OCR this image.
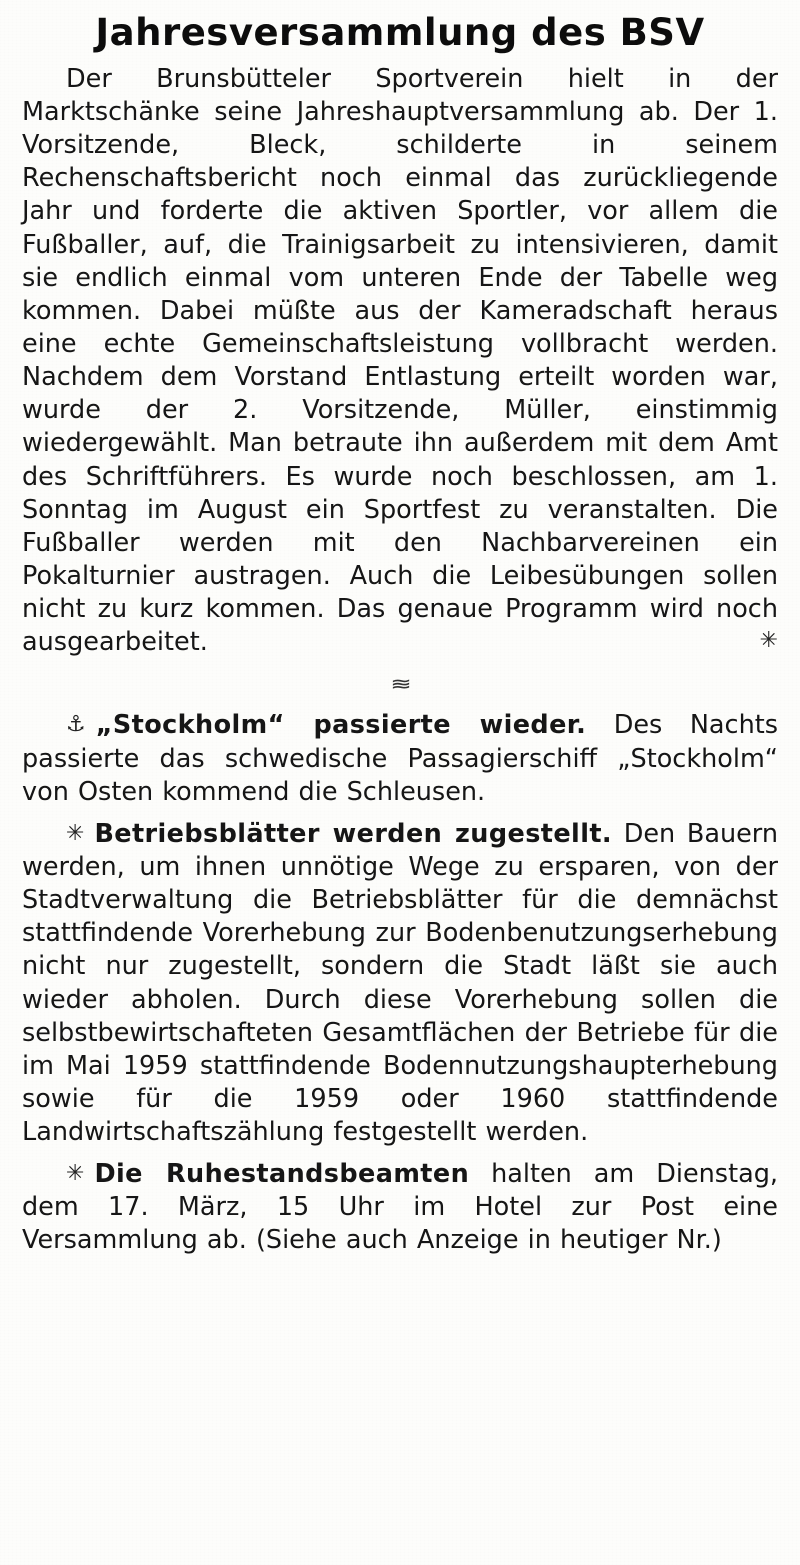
Jahresversammlung des BSV

Der Brunsbütteler Sportverein hielt in der Marktschänke seine Jahreshauptversammlung ab. Der 1. Vorsitzende, Bleck, schilderte in seinem Rechenschaftsbericht noch einmal das zurückliegende Jahr und forderte die aktiven Sportler, vor allem die Fußballer, auf, die Trainigsarbeit zu intensivieren, damit sie endlich einmal vom unteren Ende der Tabelle weg kommen. Dabei müßte aus der Kameradschaft heraus eine echte Gemeinschaftsleistung vollbracht werden. Nachdem dem Vorstand Entlastung erteilt worden war, wurde der 2. Vorsitzende, Müller, einstimmig wiedergewählt. Man betraute ihn außerdem mit dem Amt des Schriftführers. Es wurde noch beschlossen, am 1. Sonntag im August ein Sportfest zu veranstalten. Die Fußballer werden mit den Nachbarvereinen ein Pokalturnier austragen. Auch die Leibesübungen sollen nicht zu kurz kommen. Das genaue Programm wird noch ausgearbeitet.	✳

≋

⚓ „Stockholm“ passierte wieder. Des Nachts passierte das schwedische Passagierschiff „Stockholm“ von Osten kommend die Schleusen.

✳ Betriebsblätter werden zugestellt. Den Bauern werden, um ihnen unnötige Wege zu ersparen, von der Stadtverwaltung die Betriebsblätter für die demnächst stattfindende Vorerhebung zur Bodenbenutzungserhebung nicht nur zugestellt, sondern die Stadt läßt sie auch wieder abholen. Durch diese Vorerhebung sollen die selbstbewirtschafteten Gesamtflächen der Betriebe für die im Mai 1959 stattfindende Bodennutzungshaupterhebung sowie für die 1959 oder 1960 stattfindende Landwirtschaftszählung festgestellt werden.

✳ Die Ruhestandsbeamten halten am Dienstag, dem 17. März, 15 Uhr im Hotel zur Post eine Versammlung ab. (Siehe auch Anzeige in heutiger Nr.)
